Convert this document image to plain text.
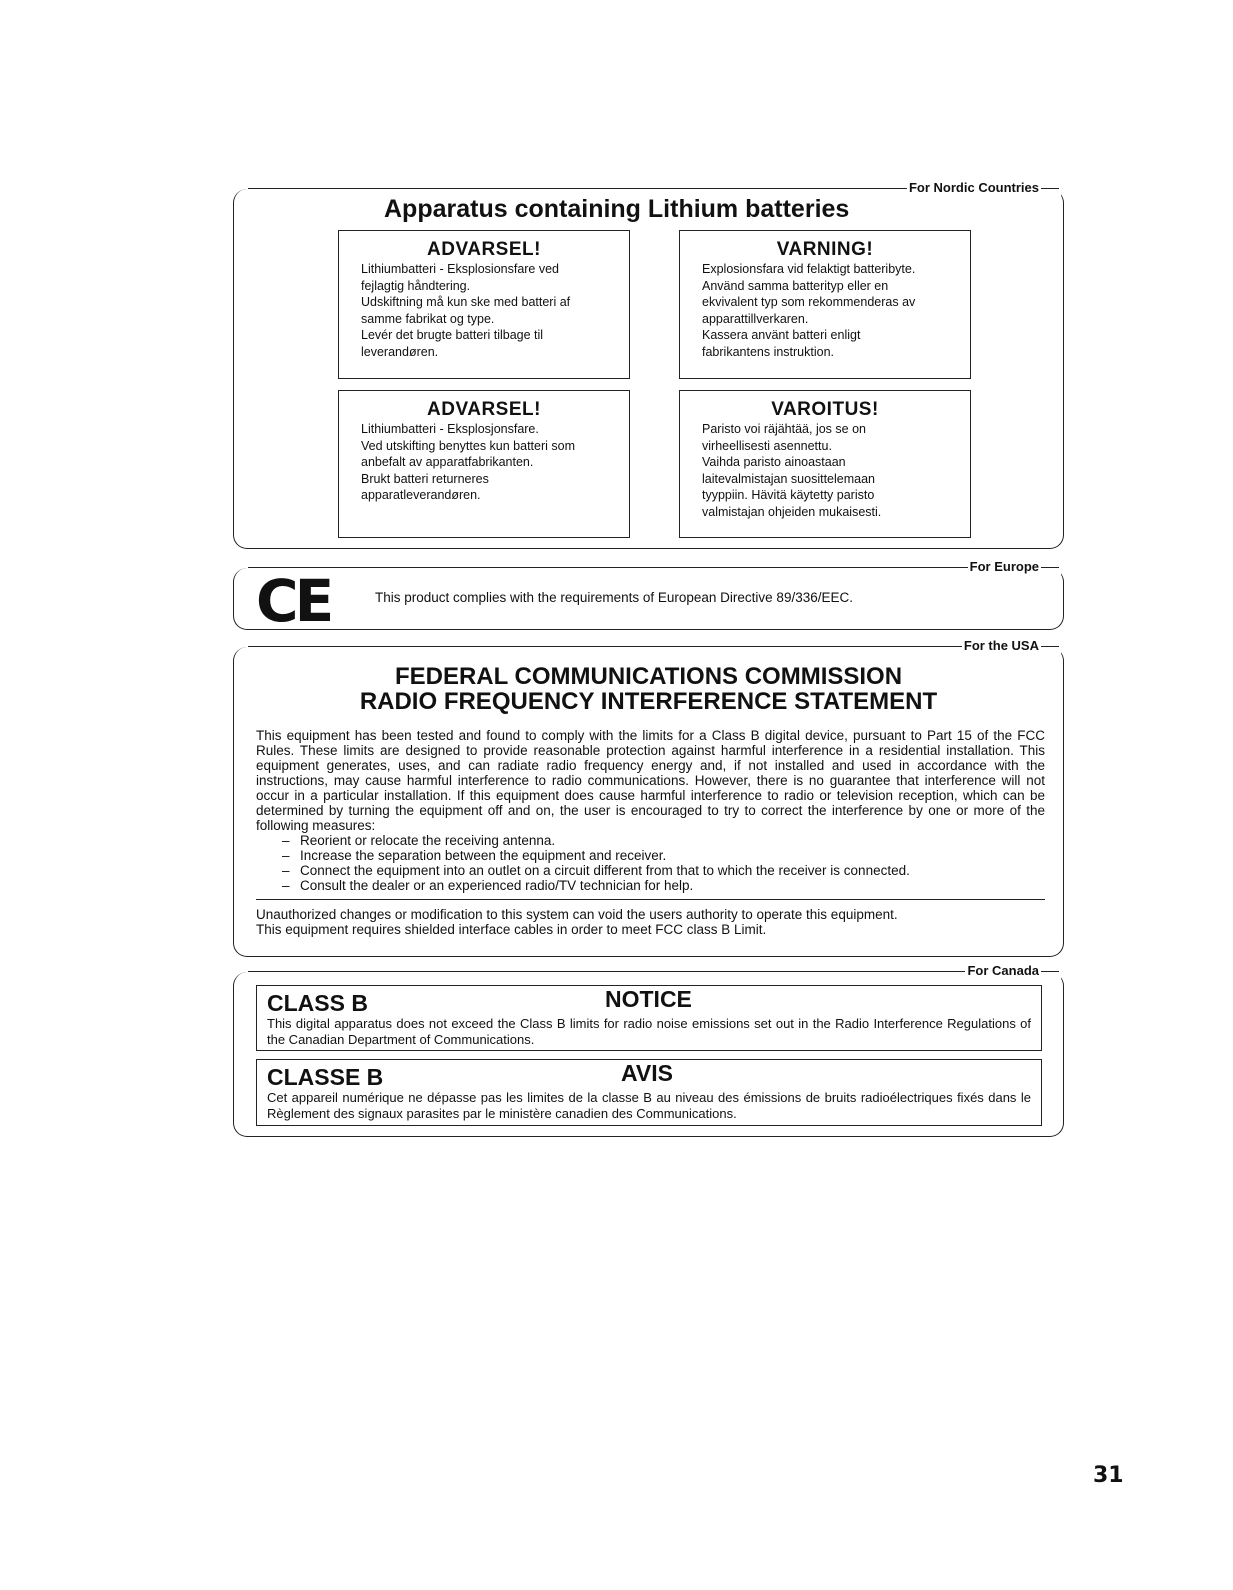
For Nordic Countries
Apparatus containing Lithium batteries
ADVARSEL!
Lithiumbatteri - Eksplosionsfare ved
fejlagtig håndtering.
Udskiftning må kun ske med batteri af
samme fabrikat og type.
Levér det brugte batteri tilbage til
leverandøren.
VARNING!
Explosionsfara vid felaktigt batteribyte.
Använd samma batterityp eller en
ekvivalent typ som rekommenderas av
apparattillverkaren.
Kassera använt batteri enligt
fabrikantens instruktion.
ADVARSEL!
Lithiumbatteri - Eksplosjonsfare.
Ved utskifting benyttes kun batteri som
anbefalt av apparatfabrikanten.
Brukt batteri returneres
apparatleverandøren.
VAROITUS!
Paristo voi räjähtää, jos se on
virheellisesti asennettu.
Vaihda paristo ainoastaan
laitevalmistajan suosittelemaan
tyyppiin. Hävitä käytetty paristo
valmistajan ohjeiden mukaisesti.
For Europe
CE	This product complies with the requirements of European Directive 89/336/EEC.
For the USA
FEDERAL COMMUNICATIONS COMMISSION
RADIO FREQUENCY INTERFERENCE STATEMENT

This equipment has been tested and found to comply with the limits for a Class B digital device, pursuant to Part 15 of the FCC Rules. These limits are designed to provide reasonable protection against harmful interference in a residential installation. This equipment generates, uses, and can radiate radio frequency energy and, if not installed and used in accordance with the instructions, may cause harmful interference to radio communications. However, there is no guarantee that interference will not occur in a particular installation. If this equipment does cause harmful interference to radio or television reception, which can be determined by turning the equipment off and on, the user is encouraged to try to correct the interference by one or more of the following measures:

– Reorient or relocate the receiving antenna.
– Increase the separation between the equipment and receiver.
– Connect the equipment into an outlet on a circuit different from that to which the receiver is connected.
– Consult the dealer or an experienced radio/TV technician for help.
Unauthorized changes or modification to this system can void the users authority to operate this equipment.
This equipment requires shielded interface cables in order to meet FCC class B Limit.
For Canada
CLASS B	NOTICE
This digital apparatus does not exceed the Class B limits for radio noise emissions set out in the Radio Interference Regulations of the Canadian Department of Communications.
CLASSE B	AVIS
Cet appareil numérique ne dépasse pas les limites de la classe B au niveau des émissions de bruits radioélectriques fixés dans le Règlement des signaux parasites par le ministère canadien des Communications.
31
